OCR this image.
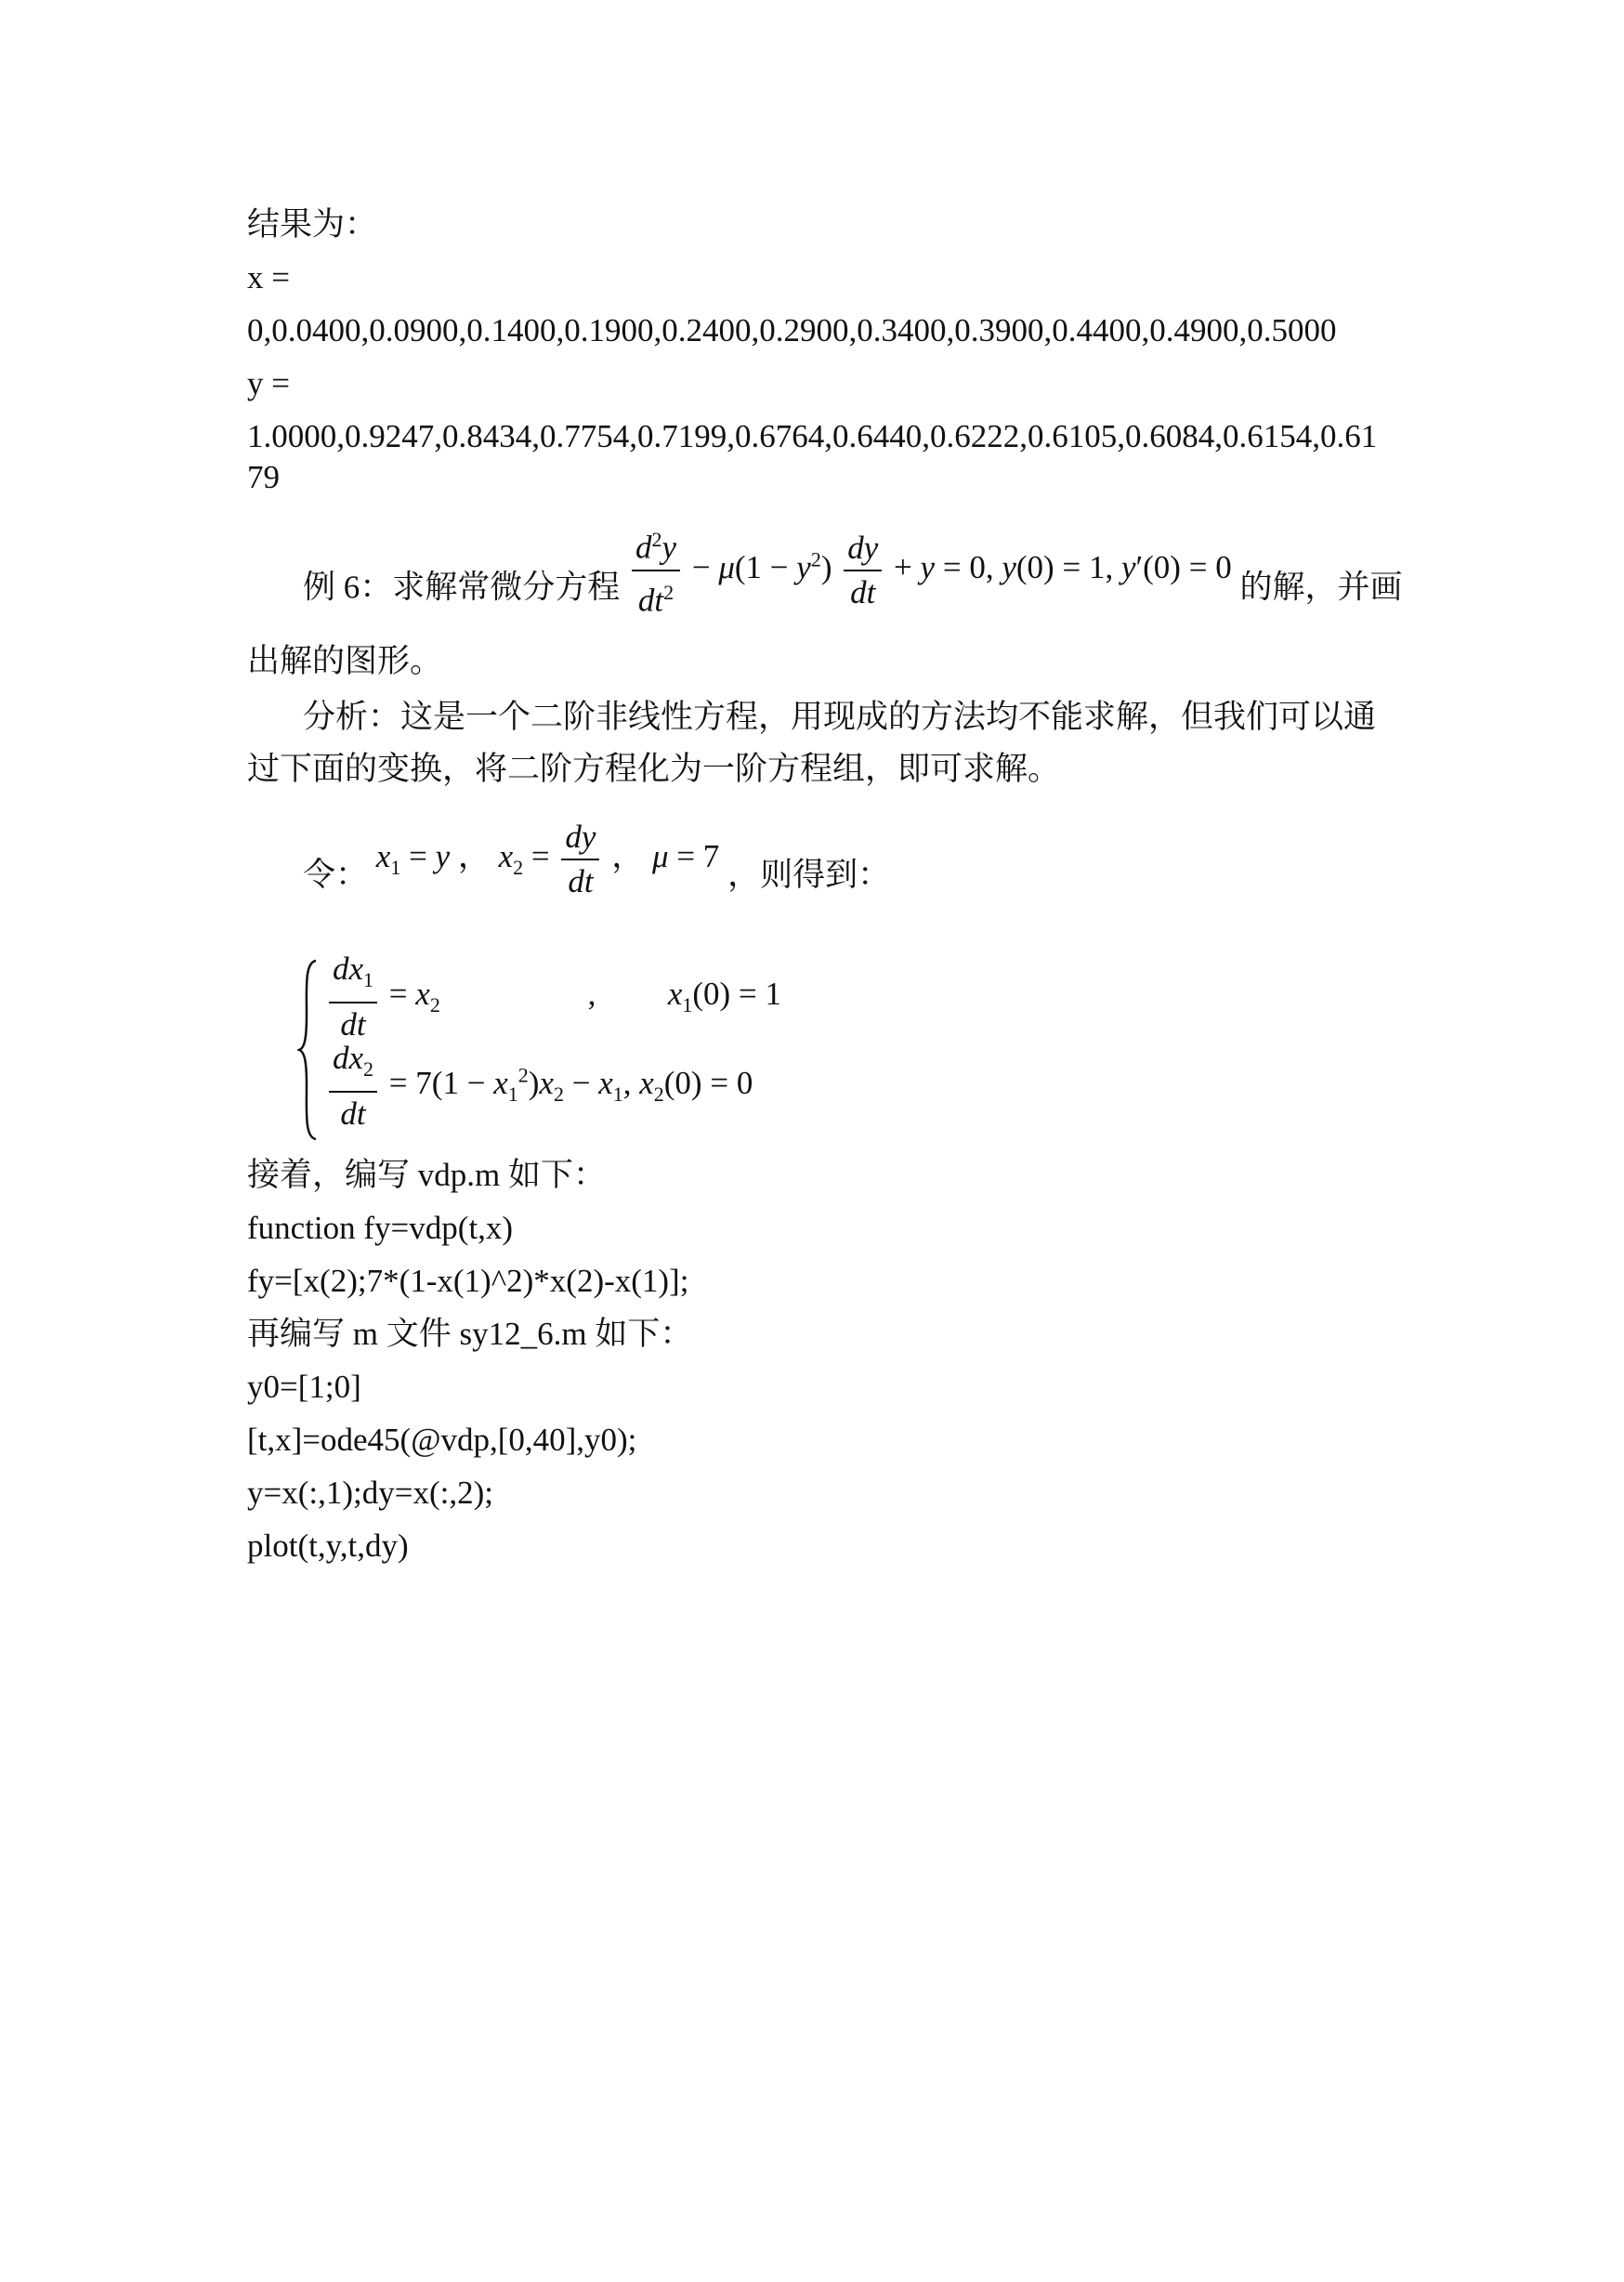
结果为：
x =
0,0.0400,0.0900,0.1400,0.1900,0.2400,0.2900,0.3400,0.3900,0.4400,0.4900,0.5000
y =
1.0000,0.9247,0.8434,0.7754,0.7199,0.6764,0.6440,0.6222,0.6105,0.6084,0.6154,0.6179
例 6：求解常微分方程 $\frac{d^2y}{dt^2} - \mu(1 - y^2) \frac{dy}{dt} + y = 0$, y(0) = 1, y′(0) = 0 的解，并画
出解的图形。
分析：这是一个二阶非线性方程，用现成的方法均不能求解，但我们可以通
过下面的变换，将二阶方程化为一阶方程组，即可求解。
令： $x_1 = y$ ， $x_2 = \frac{dy}{dt}$ ， μ = 7 ，则得到：
$\frac{dx_1}{dt} = x_2$	,  $x_1(0) = 1$
$\frac{dx_2}{dt} = 7(1 - x_1^2)x_2 - x_1$, $x_2(0) = 0$
接着，编写 vdp.m 如下：
function fy=vdp(t,x)
fy=[x(2);7*(1-x(1)^2)*x(2)-x(1)];
再编写 m 文件 sy12_6.m 如下：
y0=[1;0]
[t,x]=ode45(@vdp,[0,40],y0);
y=x(:,1);dy=x(:,2);
plot(t,y,t,dy)
